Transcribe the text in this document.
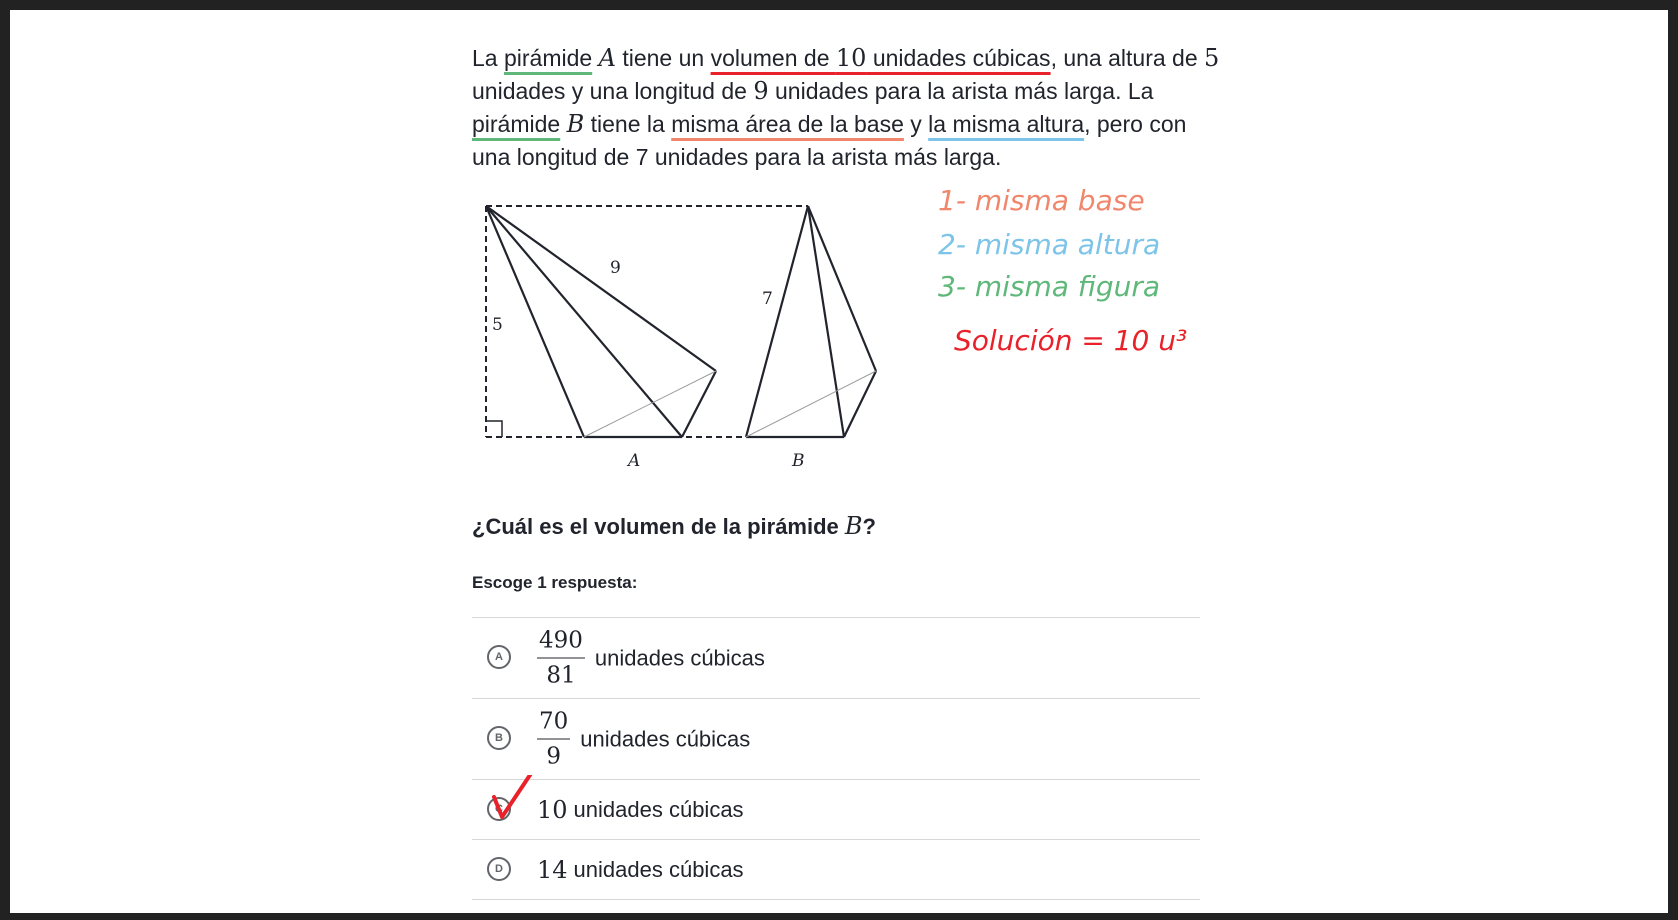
La pirámide A tiene un volumen de 10 unidades cúbicas, una altura de 5 unidades y una longitud de 9 unidades para la arista más larga. La pirámide B tiene la misma área de la base y la misma altura, pero con una longitud de 7 unidades para la arista más larga.
9
5
7
A	B
1- misma base
2- misma altura
3- misma figura
Solución = 10 u³
¿Cuál es el volumen de la pirámide B?
Escoge 1 respuesta:
A	$\frac{490}{81}$ unidades cúbicas
B	$\frac{70}{9}$ unidades cúbicas
C	10 unidades cúbicas
D	14 unidades cúbicas
